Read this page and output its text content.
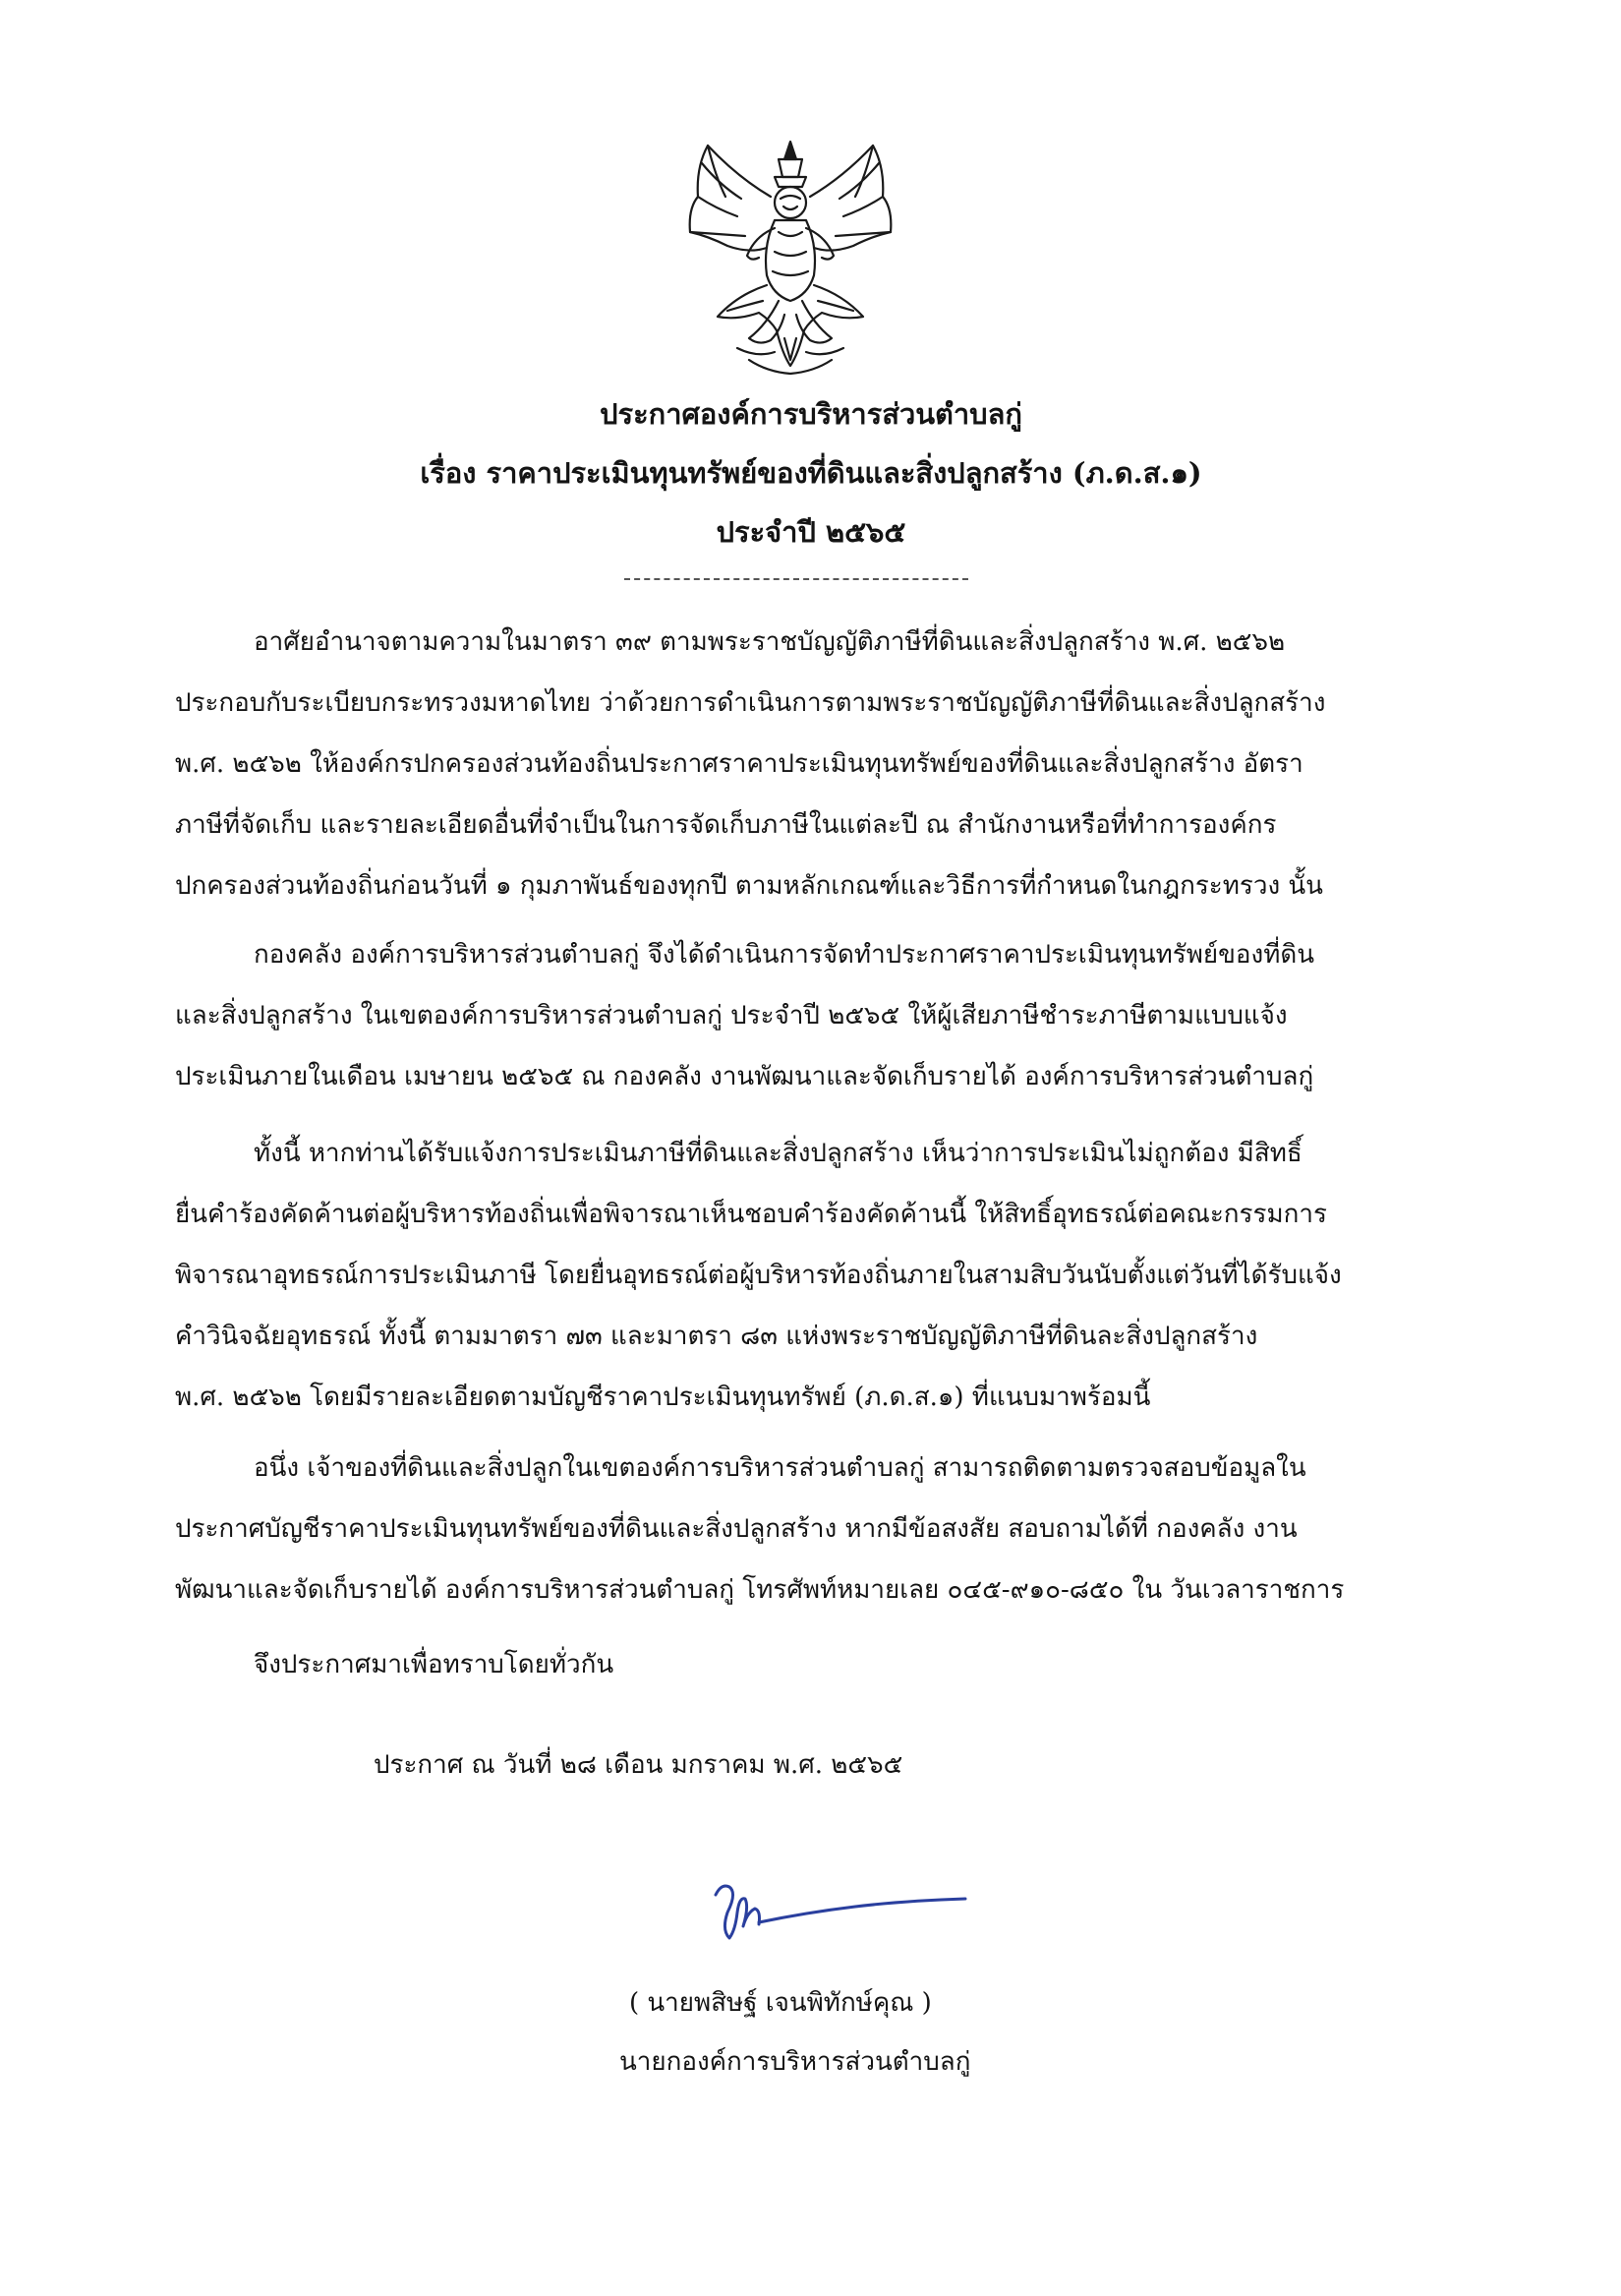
ประกาศองค์การบริหารส่วนตำบลกู่
เรื่อง ราคาประเมินทุนทรัพย์ของที่ดินและสิ่งปลูกสร้าง (ภ.ด.ส.๑)
ประจำปี ๒๕๖๕
อาศัยอำนาจตามความในมาตรา ๓๙ ตามพระราชบัญญัติภาษีที่ดินและสิ่งปลูกสร้าง พ.ศ. ๒๕๖๒
ประกอบกับระเบียบกระทรวงมหาดไทย ว่าด้วยการดำเนินการตามพระราชบัญญัติภาษีที่ดินและสิ่งปลูกสร้าง
พ.ศ. ๒๕๖๒ ให้องค์กรปกครองส่วนท้องถิ่นประกาศราคาประเมินทุนทรัพย์ของที่ดินและสิ่งปลูกสร้าง อัตรา
ภาษีที่จัดเก็บ และรายละเอียดอื่นที่จำเป็นในการจัดเก็บภาษีในแต่ละปี ณ สำนักงานหรือที่ทำการองค์กร
ปกครองส่วนท้องถิ่นก่อนวันที่ ๑ กุมภาพันธ์ของทุกปี ตามหลักเกณฑ์และวิธีการที่กำหนดในกฎกระทรวง นั้น
กองคลัง องค์การบริหารส่วนตำบลกู่ จึงได้ดำเนินการจัดทำประกาศราคาประเมินทุนทรัพย์ของที่ดิน
และสิ่งปลูกสร้าง ในเขตองค์การบริหารส่วนตำบลกู่ ประจำปี ๒๕๖๕ ให้ผู้เสียภาษีชำระภาษีตามแบบแจ้ง
ประเมินภายในเดือน เมษายน ๒๕๖๕ ณ กองคลัง งานพัฒนาและจัดเก็บรายได้ องค์การบริหารส่วนตำบลกู่
ทั้งนี้ หากท่านได้รับแจ้งการประเมินภาษีที่ดินและสิ่งปลูกสร้าง เห็นว่าการประเมินไม่ถูกต้อง มีสิทธิ์
ยื่นคำร้องคัดค้านต่อผู้บริหารท้องถิ่นเพื่อพิจารณาเห็นชอบคำร้องคัดค้านนี้ ให้สิทธิ์อุทธรณ์ต่อคณะกรรมการ
พิจารณาอุทธรณ์การประเมินภาษี โดยยื่นอุทธรณ์ต่อผู้บริหารท้องถิ่นภายในสามสิบวันนับตั้งแต่วันที่ได้รับแจ้ง
คำวินิจฉัยอุทธรณ์ ทั้งนี้ ตามมาตรา ๗๓ และมาตรา ๘๓ แห่งพระราชบัญญัติภาษีที่ดินละสิ่งปลูกสร้าง
พ.ศ. ๒๕๖๒ โดยมีรายละเอียดตามบัญชีราคาประเมินทุนทรัพย์ (ภ.ด.ส.๑) ที่แนบมาพร้อมนี้
อนึ่ง เจ้าของที่ดินและสิ่งปลูกในเขตองค์การบริหารส่วนตำบลกู่ สามารถติดตามตรวจสอบข้อมูลใน
ประกาศบัญชีราคาประเมินทุนทรัพย์ของที่ดินและสิ่งปลูกสร้าง หากมีข้อสงสัย สอบถามได้ที่ กองคลัง งาน
พัฒนาและจัดเก็บรายได้ องค์การบริหารส่วนตำบลกู่ โทรศัพท์หมายเลย ๐๔๕-๙๑๐-๘๕๐ ใน วันเวลาราชการ
จึงประกาศมาเพื่อทราบโดยทั่วกัน
ประกาศ ณ วันที่ ๒๘ เดือน มกราคม พ.ศ. ๒๕๖๕
( นายพสิษฐ์ เจนพิทักษ์คุณ )
นายกองค์การบริหารส่วนตำบลกู่
